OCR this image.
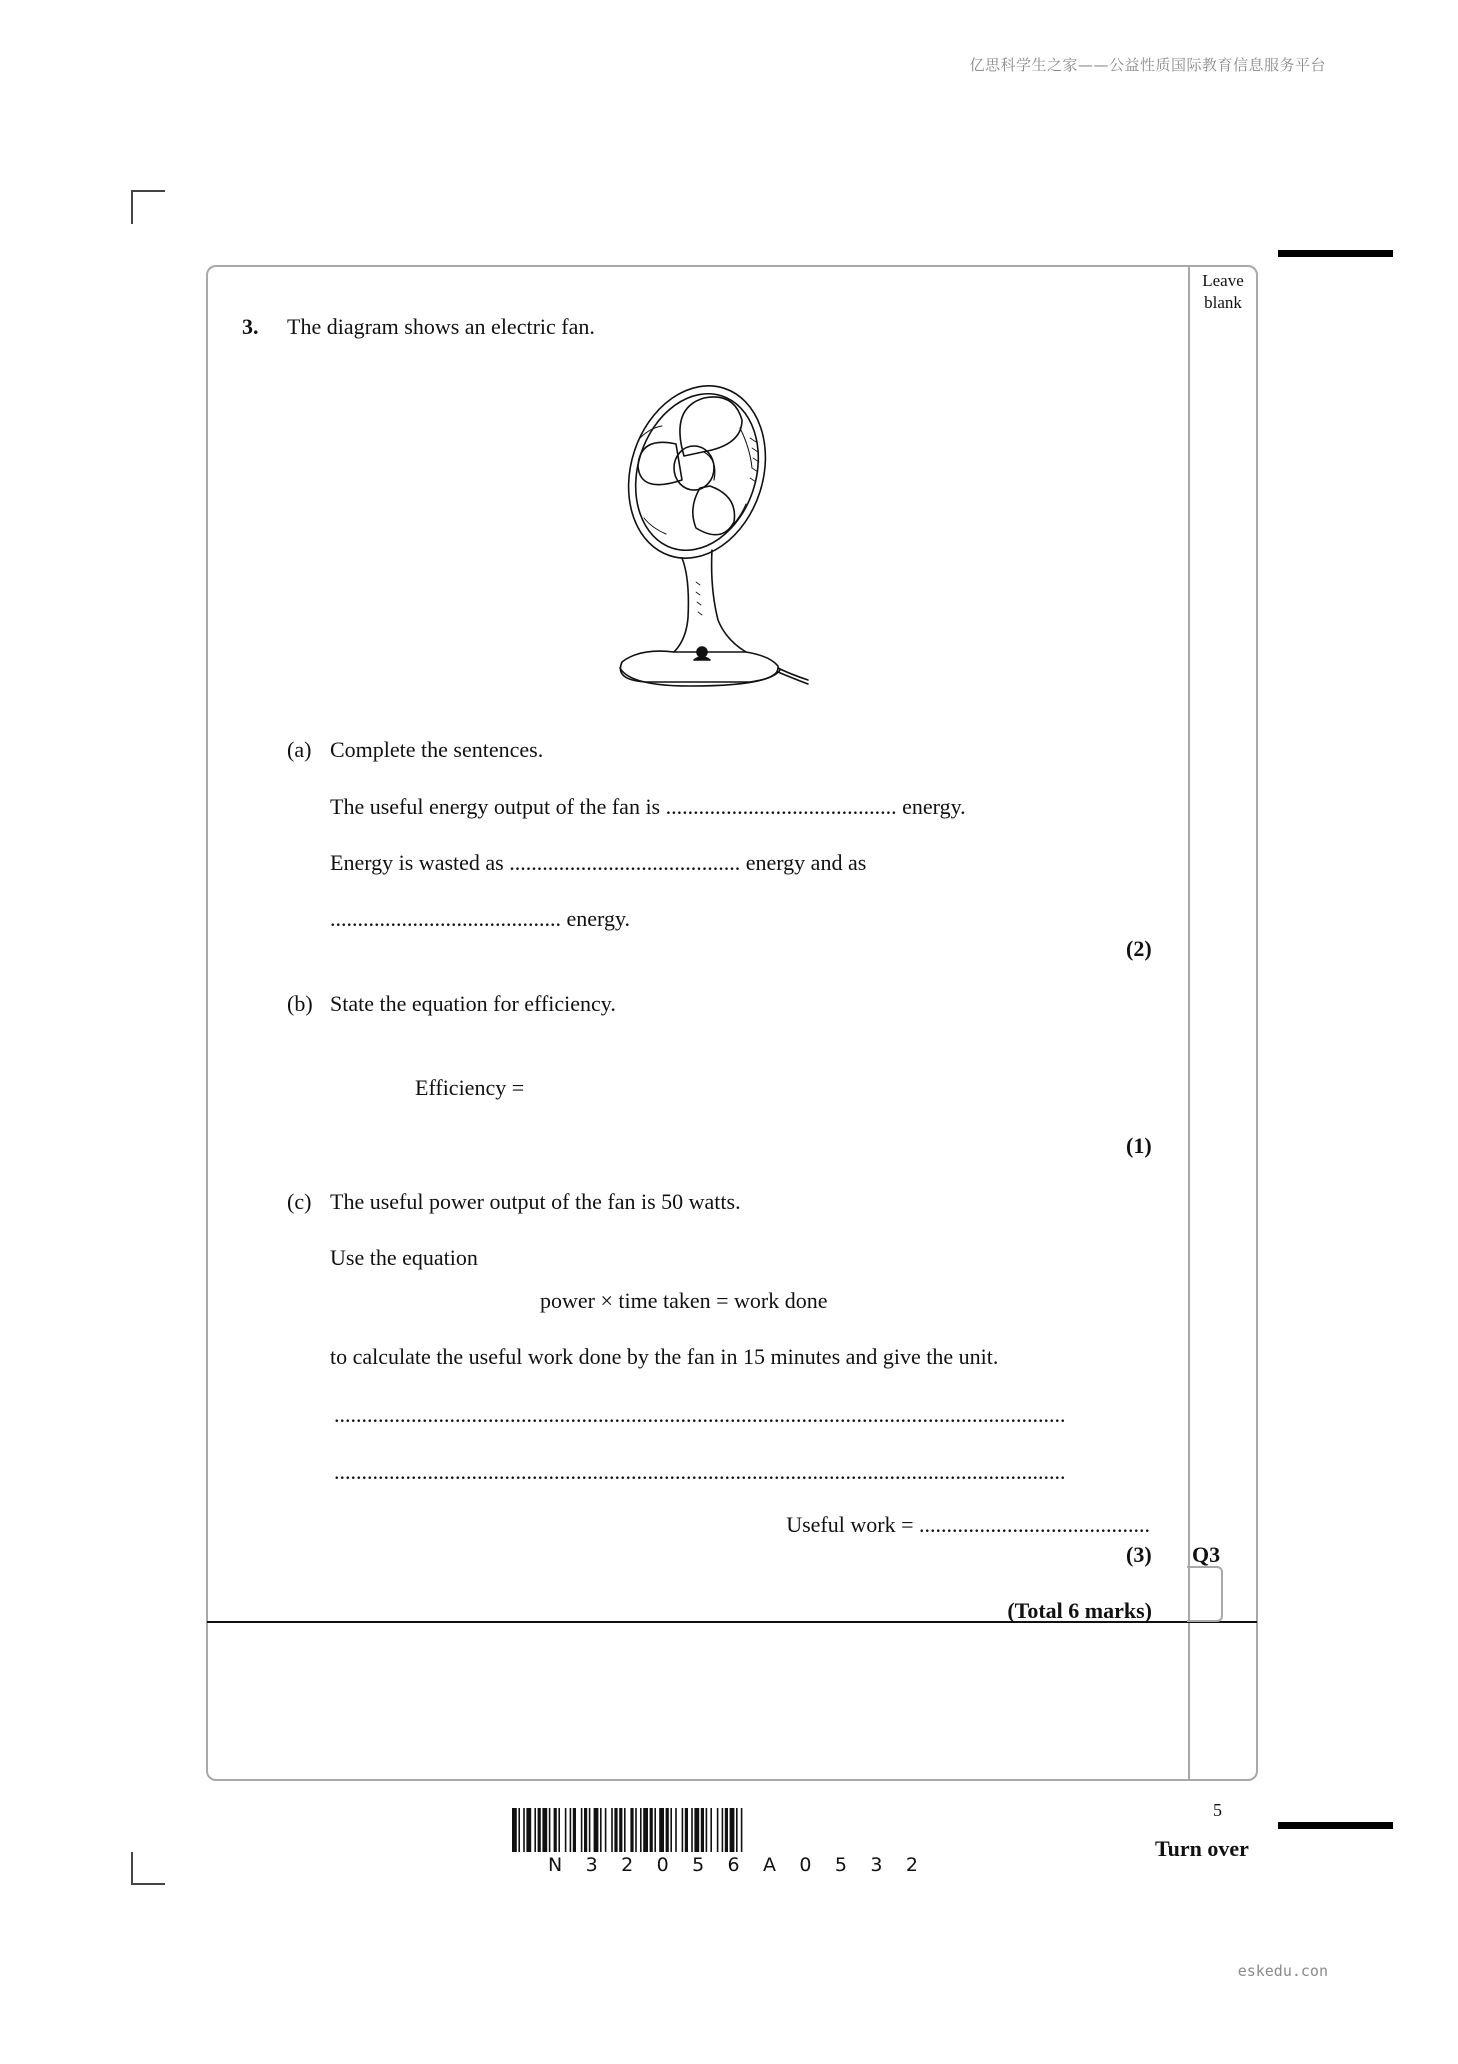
亿思科学生之家——公益性质国际教育信息服务平台
Leave
blank
3. The diagram shows an electric fan.
(a) Complete the sentences.
The useful energy output of the fan is .......................................... energy.
Energy is wasted as .......................................... energy and as
.......................................... energy.
(2)
(b) State the equation for efficiency.
Efficiency =
(1)
(c) The useful power output of the fan is 50 watts.
Use the equation
power × time taken = work done
to calculate the useful work done by the fan in 15 minutes and give the unit.
.....................................................................................................................................
.....................................................................................................................................
Useful work = ..........................................
(3) Q3
(Total 6 marks)
5
Turn over
N 3 2 0 5 6 A 0 5 3 2
eskedu.con
